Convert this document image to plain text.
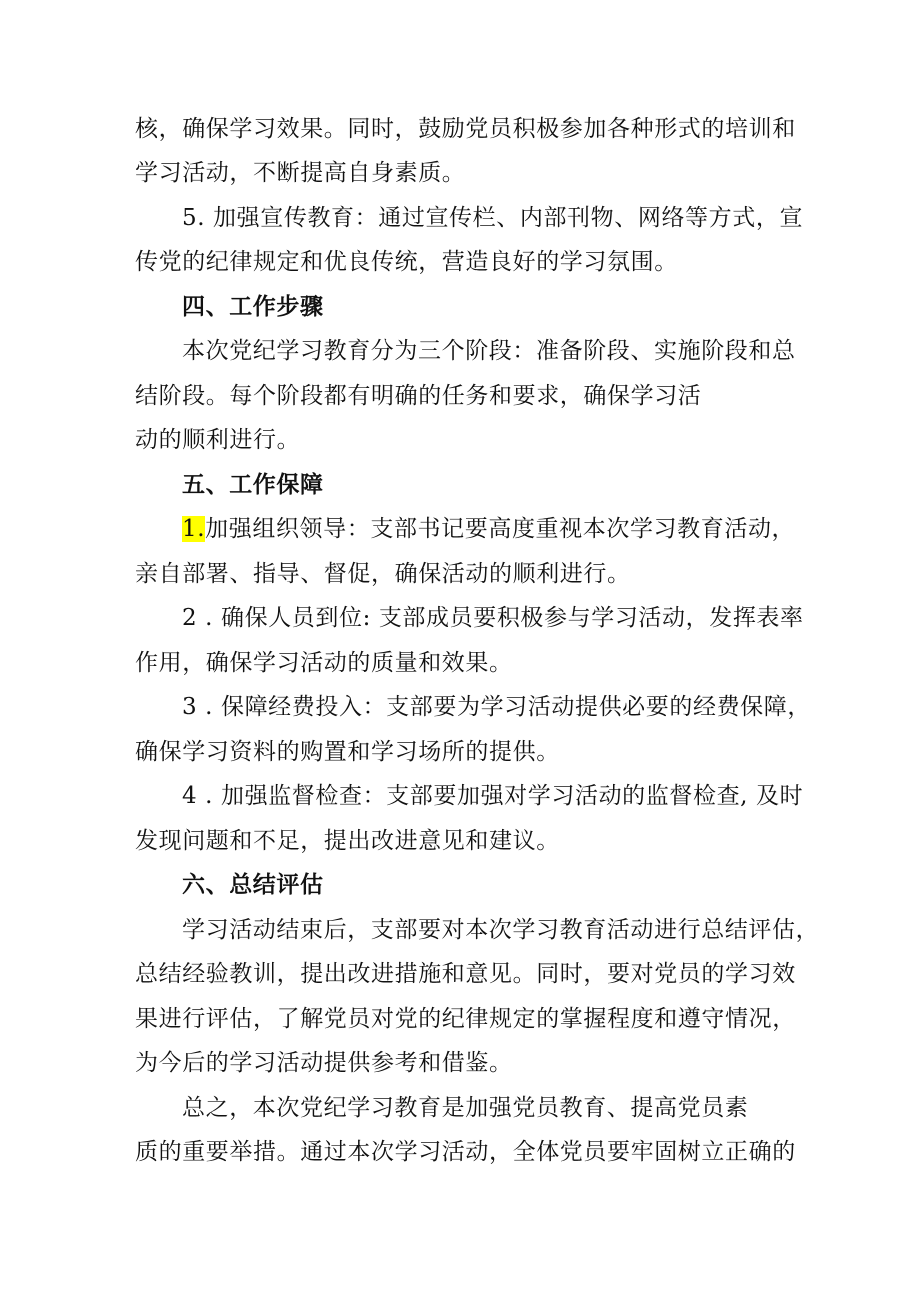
核，确保学习效果。同时，鼓励党员积极参加各种形式的培训和
学习活动，不断提高自身素质。
5. 加强宣传教育：通过宣传栏、内部刊物、网络等方式，宣
传党的纪律规定和优良传统，营造良好的学习氛围。
四、工作步骤
本次党纪学习教育分为三个阶段：准备阶段、实施阶段和总
结阶段。每个阶段都有明确的任务和要求，确保学习活
动的顺利进行。
五、工作保障
1.加强组织领导：支部书记要高度重视本次学习教育活动，
亲自部署、指导、督促，确保活动的顺利进行。
2 . 确保人员到位: 支部成员要积极参与学习活动，发挥表率
作用，确保学习活动的质量和效果。
3 . 保障经费投入：支部要为学习活动提供必要的经费保障，
确保学习资料的购置和学习场所的提供。
4 . 加强监督检查：支部要加强对学习活动的监督检查, 及时
发现问题和不足，提出改进意见和建议。
六、总结评估
学习活动结束后，支部要对本次学习教育活动进行总结评估，
总结经验教训，提出改进措施和意见。同时，要对党员的学习效
果进行评估，了解党员对党的纪律规定的掌握程度和遵守情况，
为今后的学习活动提供参考和借鉴。
总之，本次党纪学习教育是加强党员教育、提高党员素
质的重要举措。通过本次学习活动，全体党员要牢固树立正确的
